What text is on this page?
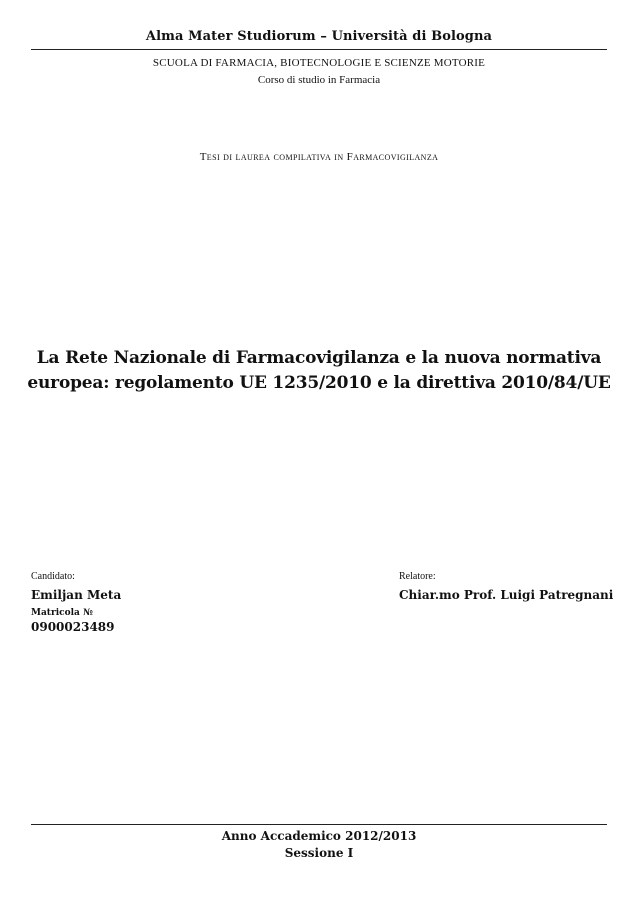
Alma Mater Studiorum – Università di Bologna
SCUOLA DI FARMACIA, BIOTECNOLOGIE E SCIENZE MOTORIE
Corso di studio in Farmacia
Tesi di laurea compilativa in Farmacovigilanza
La Rete Nazionale di Farmacovigilanza e la nuova normativa
europea: regolamento UE 1235/2010 e la direttiva 2010/84/UE
Candidato:
Emiljan Meta
Matricola №
0900023489
Relatore:
Chiar.mo Prof. Luigi Patregnani
Anno Accademico 2012/2013
Sessione I
